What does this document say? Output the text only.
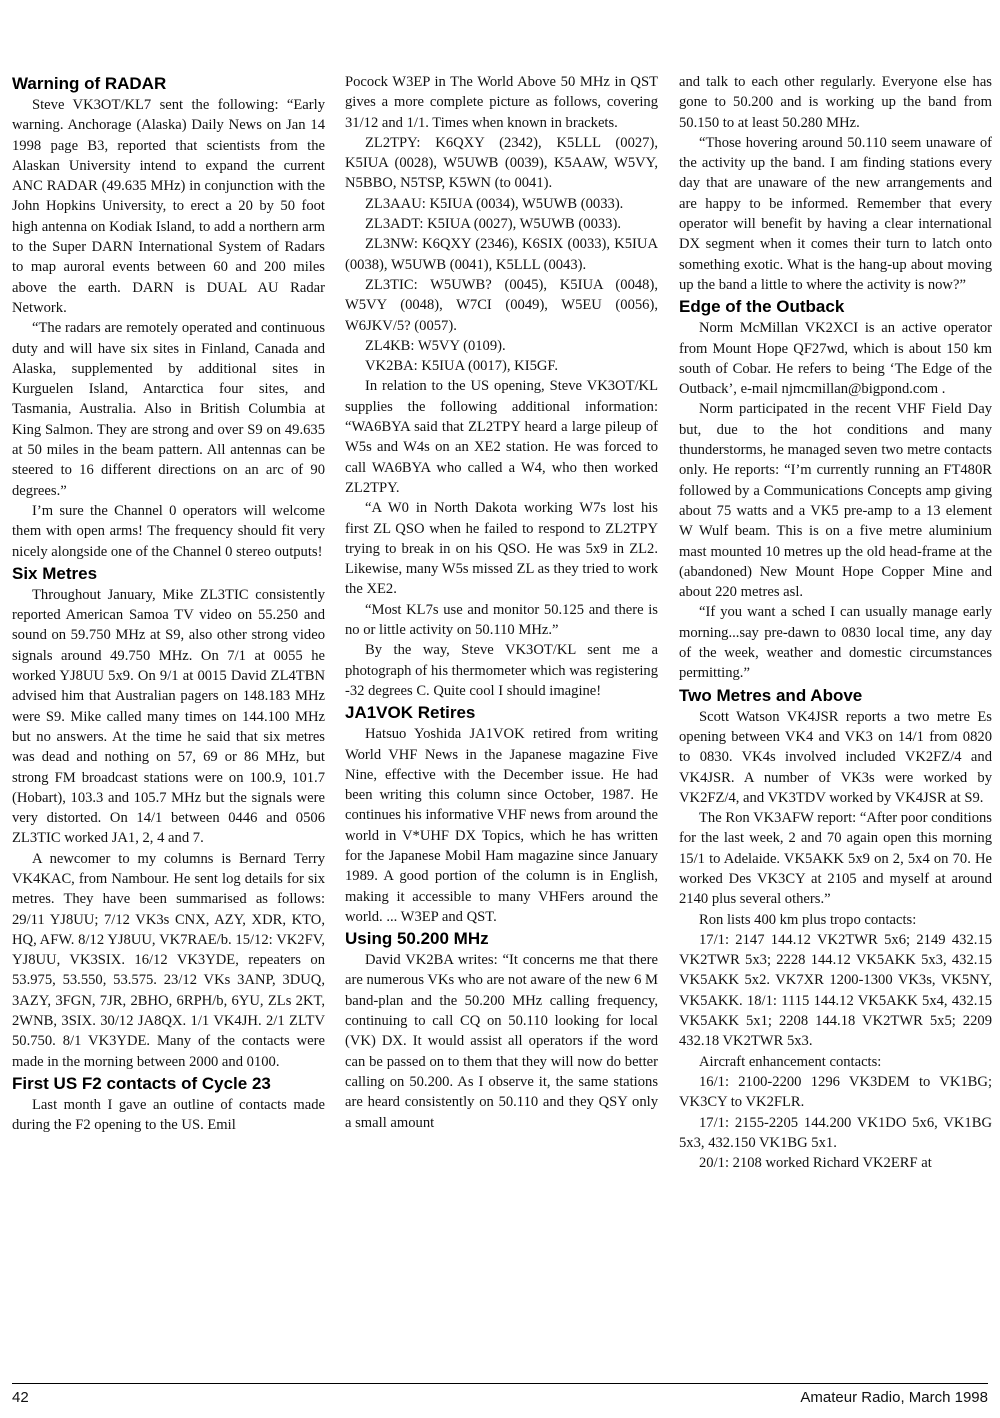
Warning of RADAR

Steve VK3OT/KL7 sent the following: “Early warning. Anchorage (Alaska) Daily News on Jan 14 1998 page B3, reported that scientists from the Alaskan University intend to expand the current ANC RADAR (49.635 MHz) in conjunction with the John Hopkins University, to erect a 20 by 50 foot high antenna on Kodiak Island, to add a northern arm to the Super DARN International System of Radars to map auroral events between 60 and 200 miles above the earth. DARN is DUAL AU Radar Network.

“The radars are remotely operated and continuous duty and will have six sites in Finland, Canada and Alaska, supplemented by additional sites in Kurguelen Island, Antarctica four sites, and Tasmania, Australia. Also in British Columbia at King Salmon. They are strong and over S9 on 49.635 at 50 miles in the beam pattern. All antennas can be steered to 16 different directions on an arc of 90 degrees.”

I’m sure the Channel 0 operators will welcome them with open arms! The frequency should fit very nicely alongside one of the Channel 0 stereo outputs!

Six Metres

Throughout January, Mike ZL3TIC consistently reported American Samoa TV video on 55.250 and sound on 59.750 MHz at S9, also other strong video signals around 49.750 MHz. On 7/1 at 0055 he worked YJ8UU 5x9. On 9/1 at 0015 David ZL4TBN advised him that Australian pagers on 148.183 MHz were S9. Mike called many times on 144.100 MHz but no answers. At the time he said that six metres was dead and nothing on 57, 69 or 86 MHz, but strong FM broadcast stations were on 100.9, 101.7 (Hobart), 103.3 and 105.7 MHz but the signals were very distorted. On 14/1 between 0446 and 0506 ZL3TIC worked JA1, 2, 4 and 7.

A newcomer to my columns is Bernard Terry VK4KAC, from Nambour. He sent log details for six metres. They have been summarised as follows: 29/11 YJ8UU; 7/12 VK3s CNX, AZY, XDR, KTO, HQ, AFW. 8/12 YJ8UU, VK7RAE/b. 15/12: VK2FV, YJ8UU, VK3SIX. 16/12 VK3YDE, repeaters on 53.975, 53.550, 53.575. 23/12 VKs 3ANP, 3DUQ, 3AZY, 3FGN, 7JR, 2BHO, 6RPH/b, 6YU, ZLs 2KT, 2WNB, 3SIX. 30/12 JA8QX. 1/1 VK4JH. 2/1 ZLTV 50.750. 8/1 VK3YDE. Many of the contacts were made in the morning between 2000 and 0100.

First US F2 contacts of Cycle 23

Last month I gave an outline of contacts made during the F2 opening to the US. Emil

Pocock W3EP in The World Above 50 MHz in QST gives a more complete picture as follows, covering 31/12 and 1/1. Times when known in brackets.

ZL2TPY: K6QXY (2342), K5LLL (0027), K5IUA (0028), W5UWB (0039), K5AAW, W5VY, N5BBO, N5TSP, K5WN (to 0041).

ZL3AAU: K5IUA (0034), W5UWB (0033).

ZL3ADT: K5IUA (0027), W5UWB (0033).

ZL3NW: K6QXY (2346), K6SIX (0033), K5IUA (0038), W5UWB (0041), K5LLL (0043).

ZL3TIC: W5UWB? (0045), K5IUA (0048), W5VY (0048), W7CI (0049), W5EU (0056), W6JKV/5? (0057).

ZL4KB: W5VY (0109).

VK2BA: K5IUA (0017), KI5GF.

In relation to the US opening, Steve VK3OT/KL supplies the following additional information: “WA6BYA said that ZL2TPY heard a large pileup of W5s and W4s on an XE2 station. He was forced to call WA6BYA who called a W4, who then worked ZL2TPY.

“A W0 in North Dakota working W7s lost his first ZL QSO when he failed to respond to ZL2TPY trying to break in on his QSO. He was 5x9 in ZL2. Likewise, many W5s missed ZL as they tried to work the XE2.

“Most KL7s use and monitor 50.125 and there is no or little activity on 50.110 MHz.”

By the way, Steve VK3OT/KL sent me a photograph of his thermometer which was registering -32 degrees C. Quite cool I should imagine!

JA1VOK Retires

Hatsuo Yoshida JA1VOK retired from writing World VHF News in the Japanese magazine Five Nine, effective with the December issue. He had been writing this column since October, 1987. He continues his informative VHF news from around the world in V*UHF DX Topics, which he has written for the Japanese Mobil Ham magazine since January 1989. A good portion of the column is in English, making it accessible to many VHFers around the world. ... W3EP and QST.

Using 50.200 MHz

David VK2BA writes: “It concerns me that there are numerous VKs who are not aware of the new 6 M band-plan and the 50.200 MHz calling frequency, continuing to call CQ on 50.110 looking for local (VK) DX. It would assist all operators if the word can be passed on to them that they will now do better calling on 50.200. As I observe it, the same stations are heard consistently on 50.110 and they QSY only a small amount

and talk to each other regularly. Everyone else has gone to 50.200 and is working up the band from 50.150 to at least 50.280 MHz.

“Those hovering around 50.110 seem unaware of the activity up the band. I am finding stations every day that are unaware of the new arrangements and are happy to be informed. Remember that every operator will benefit by having a clear international DX segment when it comes their turn to latch onto something exotic. What is the hang-up about moving up the band a little to where the activity is now?”

Edge of the Outback

Norm McMillan VK2XCI is an active operator from Mount Hope QF27wd, which is about 150 km south of Cobar. He refers to being ‘The Edge of the Outback’, e-mail njmcmillan@bigpond.com .

Norm participated in the recent VHF Field Day but, due to the hot conditions and many thunderstorms, he managed seven two metre contacts only. He reports: “I’m currently running an FT480R followed by a Communications Concepts amp giving about 75 watts and a VK5 pre-amp to a 13 element W Wulf beam. This is on a five metre aluminium mast mounted 10 metres up the old head-frame at the (abandoned) New Mount Hope Copper Mine and about 220 metres asl.

“If you want a sched I can usually manage early morning...say pre-dawn to 0830 local time, any day of the week, weather and domestic circumstances permitting.”

Two Metres and Above

Scott Watson VK4JSR reports a two metre Es opening between VK4 and VK3 on 14/1 from 0820 to 0830. VK4s involved included VK2FZ/4 and VK4JSR. A number of VK3s were worked by VK2FZ/4, and VK3TDV worked by VK4JSR at S9.

The Ron VK3AFW report: “After poor conditions for the last week, 2 and 70 again open this morning 15/1 to Adelaide. VK5AKK 5x9 on 2, 5x4 on 70. He worked Des VK3CY at 2105 and myself at around 2140 plus several others.”

Ron lists 400 km plus tropo contacts:

17/1: 2147 144.12 VK2TWR 5x6; 2149 432.15 VK2TWR 5x3; 2228 144.12 VK5AKK 5x3, 432.15 VK5AKK 5x2. VK7XR 1200-1300 VK3s, VK5NY, VK5AKK. 18/1: 1115 144.12 VK5AKK 5x4, 432.15 VK5AKK 5x1; 2208 144.18 VK2TWR 5x5; 2209 432.18 VK2TWR 5x3.

Aircraft enhancement contacts:

16/1: 2100-2200 1296 VK3DEM to VK1BG; VK3CY to VK2FLR.

17/1: 2155-2205 144.200 VK1DO 5x6, VK1BG 5x3, 432.150 VK1BG 5x1.

20/1: 2108 worked Richard VK2ERF at

42	Amateur Radio, March 1998
